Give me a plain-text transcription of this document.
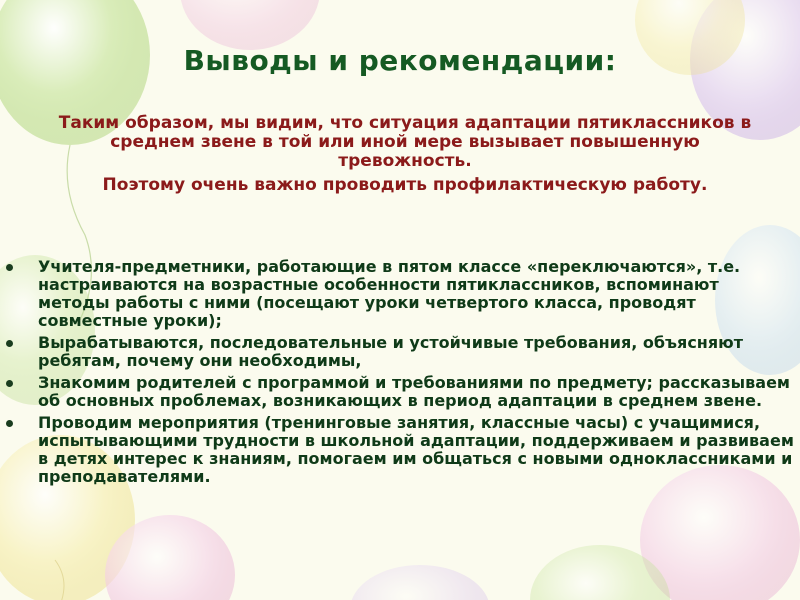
Выводы и рекомендации:

Таким образом, мы видим, что ситуация адаптации пятиклассников в среднем звене в той или иной мере вызывает повышенную тревожность.

Поэтому очень важно проводить профилактическую работу.

Учителя-предметники, работающие в пятом классе «переключаются», т.е. настраиваются на возрастные особенности пятиклассников, вспоминают методы работы с ними (посещают уроки четвертого класса, проводят совместные уроки);
Вырабатываются, последовательные и устойчивые требования, объясняют ребятам, почему они необходимы,
Знакомим родителей с программой и требованиями по предмету; рассказываем об основных проблемах, возникающих в период адаптации в среднем звене.
Проводим мероприятия (тренинговые занятия, классные часы) с учащимися, испытывающими трудности в школьной адаптации, поддерживаем и развиваем в детях интерес к знаниям, помогаем им общаться с новыми одноклассниками и преподавателями.
